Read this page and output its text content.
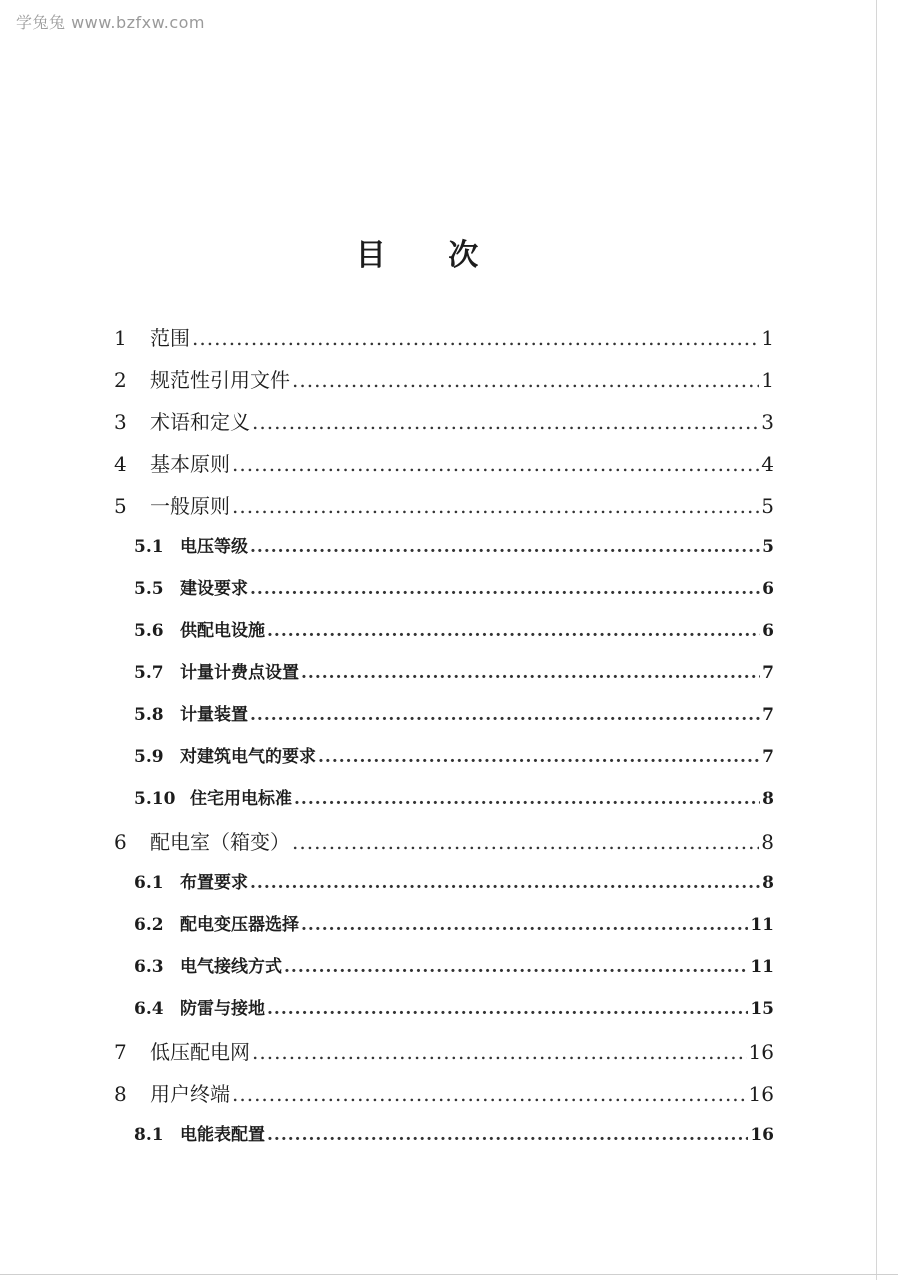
学兔兔 www.bzfxw.com
目 次
1	范围 .....	1
2	规范性引用文件 .....	1
3	术语和定义 .....	3
4	基本原则 .....	4
5	一般原则 .....	5
5.1 电压等级 .....	5
5.5 建设要求 .....	6
5.6 供配电设施 .....	6
5.7 计量计费点设置 .....	7
5.8 计量装置 .....	7
5.9 对建筑电气的要求 .....	7
5.10 住宅用电标准 .....	8
6	配电室（箱变） .....	8
6.1 布置要求 .....	8
6.2 配电变压器选择 .....	11
6.3 电气接线方式 .....	11
6.4 防雷与接地 .....	15
7	低压配电网 .....	16
8	用户终端 .....	16
8.1 电能表配置 .....	16
